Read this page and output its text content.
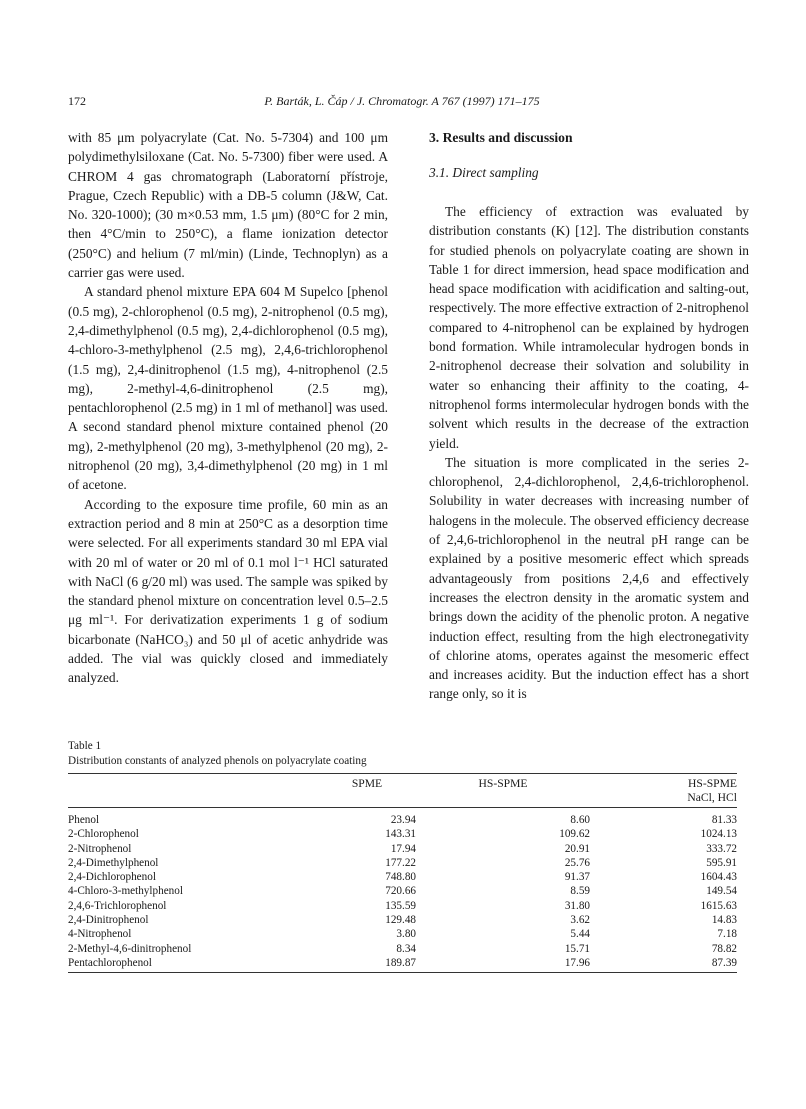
172	P. Barták, L. Čáp / J. Chromatogr. A 767 (1997) 171–175

with 85 μm polyacrylate (Cat. No. 5-7304) and 100 μm polydimethylsiloxane (Cat. No. 5-7300) fiber were used. A CHROM 4 gas chromatograph (Laboratorní přístroje, Prague, Czech Republic) with a DB-5 column (J&W, Cat. No. 320-1000); (30 m×0.53 mm, 1.5 μm) (80°C for 2 min, then 4°C/min to 250°C), a flame ionization detector (250°C) and helium (7 ml/min) (Linde, Technoplyn) as a carrier gas were used.

A standard phenol mixture EPA 604 M Supelco [phenol (0.5 mg), 2-chlorophenol (0.5 mg), 2-nitrophenol (0.5 mg), 2,4-dimethylphenol (0.5 mg), 2,4-dichlorophenol (0.5 mg), 4-chloro-3-methylphenol (2.5 mg), 2,4,6-trichlorophenol (1.5 mg), 2,4-dinitrophenol (1.5 mg), 4-nitrophenol (2.5 mg), 2-methyl-4,6-dinitrophenol (2.5 mg), pentachlorophenol (2.5 mg) in 1 ml of methanol] was used. A second standard phenol mixture contained phenol (20 mg), 2-methylphenol (20 mg), 3-methylphenol (20 mg), 2-nitrophenol (20 mg), 3,4-dimethylphenol (20 mg) in 1 ml of acetone.

According to the exposure time profile, 60 min as an extraction period and 8 min at 250°C as a desorption time were selected. For all experiments standard 30 ml EPA vial with 20 ml of water or 20 ml of 0.1 mol l⁻¹ HCl saturated with NaCl (6 g/20 ml) was used. The sample was spiked by the standard phenol mixture on concentration level 0.5–2.5 μg ml⁻¹. For derivatization experiments 1 g of sodium bicarbonate (NaHCO₃) and 50 μl of acetic anhydride was added. The vial was quickly closed and immediately analyzed.

3. Results and discussion
3.1. Direct sampling

The efficiency of extraction was evaluated by distribution constants (K) [12]. The distribution constants for studied phenols on polyacrylate coating are shown in Table 1 for direct immersion, head space modification and head space modification with acidification and salting-out, respectively. The more effective extraction of 2-nitrophenol compared to 4-nitrophenol can be explained by hydrogen bond formation. While intramolecular hydrogen bonds in 2-nitrophenol decrease their solvation and solubility in water so enhancing their affinity to the coating, 4-nitrophenol forms intermolecular hydrogen bonds with the solvent which results in the decrease of the extraction yield.

The situation is more complicated in the series 2-chlorophenol, 2,4-dichlorophenol, 2,4,6-trichlorophenol. Solubility in water decreases with increasing number of halogens in the molecule. The observed efficiency decrease of 2,4,6-trichlorophenol in the neutral pH range can be explained by a positive mesomeric effect which spreads advantageously from positions 2,4,6 and effectively increases the electron density in the aromatic system and brings down the acidity of the phenolic proton. A negative induction effect, resulting from the high electronegativity of chlorine atoms, operates against the mesomeric effect and increases acidity. But the induction effect has a short range only, so it is

Table 1
Distribution constants of analyzed phenols on polyacrylate coating
	SPME	HS-SPME	HS-SPME
NaCl, HCl

Phenol	23.94	8.60	81.33
2-Chlorophenol	143.31	109.62	1024.13
2-Nitrophenol	17.94	20.91	333.72
2,4-Dimethylphenol	177.22	25.76	595.91
2,4-Dichlorophenol	748.80	91.37	1604.43
4-Chloro-3-methylphenol	720.66	8.59	149.54
2,4,6-Trichlorophenol	135.59	31.80	1615.63
2,4-Dinitrophenol	129.48	3.62	14.83
4-Nitrophenol	3.80	5.44	7.18
2-Methyl-4,6-dinitrophenol	8.34	15.71	78.82
Pentachlorophenol	189.87	17.96	87.39
